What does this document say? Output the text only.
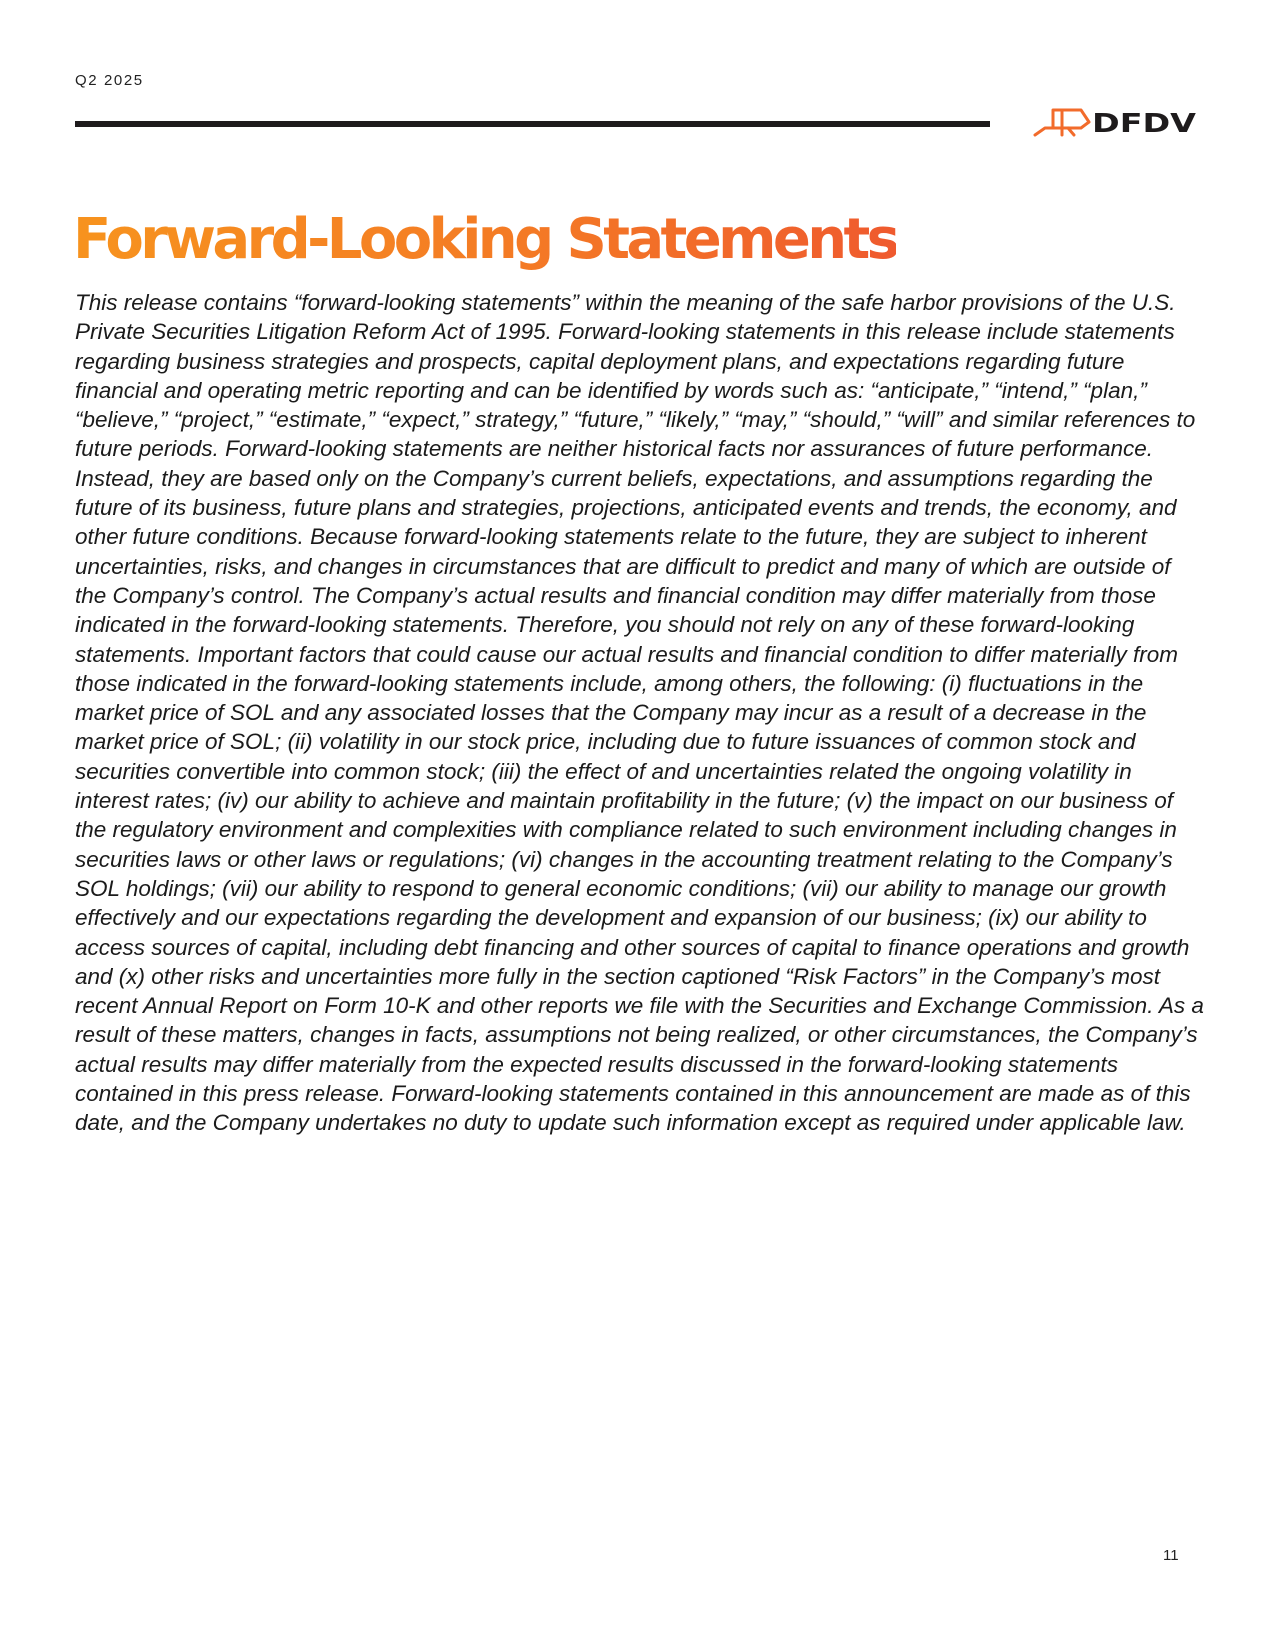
Q2 2025
DFDV
Forward-Looking Statements

This release contains “forward-looking statements” within the meaning of the safe harbor provisions of the U.S. Private Securities Litigation Reform Act of 1995. Forward-looking statements in this release include statements regarding business strategies and prospects, capital deployment plans, and expectations regarding future financial and operating metric reporting and can be identified by words such as: “anticipate,” “intend,” “plan,” “believe,” “project,” “estimate,” “expect,” strategy,” “future,” “likely,” “may,” “should,” “will” and similar references to future periods. Forward-looking statements are neither historical facts nor assurances of future performance. Instead, they are based only on the Company’s current beliefs, expectations, and assumptions regarding the future of its business, future plans and strategies, projections, anticipated events and trends, the economy, and other future conditions. Because forward-looking statements relate to the future, they are subject to inherent uncertainties, risks, and changes in circumstances that are difficult to predict and many of which are outside of the Company’s control. The Company’s actual results and financial condition may differ materially from those indicated in the forward-looking statements. Therefore, you should not rely on any of these forward-looking statements. Important factors that could cause our actual results and financial condition to differ materially from those indicated in the forward-looking statements include, among others, the following: (i) fluctuations in the market price of SOL and any associated losses that the Company may incur as a result of a decrease in the market price of SOL; (ii) volatility in our stock price, including due to future issuances of common stock and securities convertible into common stock; (iii) the effect of and uncertainties related the ongoing volatility in interest rates; (iv) our ability to achieve and maintain profitability in the future; (v) the impact on our business of the regulatory environment and complexities with compliance related to such environment including changes in securities laws or other laws or regulations; (vi) changes in the accounting treatment relating to the Company’s SOL holdings; (vii) our ability to respond to general economic conditions; (vii) our ability to manage our growth effectively and our expectations regarding the development and expansion of our business; (ix) our ability to access sources of capital, including debt financing and other sources of capital to finance operations and growth and (x) other risks and uncertainties more fully in the section captioned “Risk Factors” in the Company’s most recent Annual Report on Form 10-K and other reports we file with the Securities and Exchange Commission. As a result of these matters, changes in facts, assumptions not being realized, or other circumstances, the Company’s actual results may differ materially from the expected results discussed in the forward-looking statements contained in this press release. Forward-looking statements contained in this announcement are made as of this date, and the Company undertakes no duty to update such information except as required under applicable law.

11
